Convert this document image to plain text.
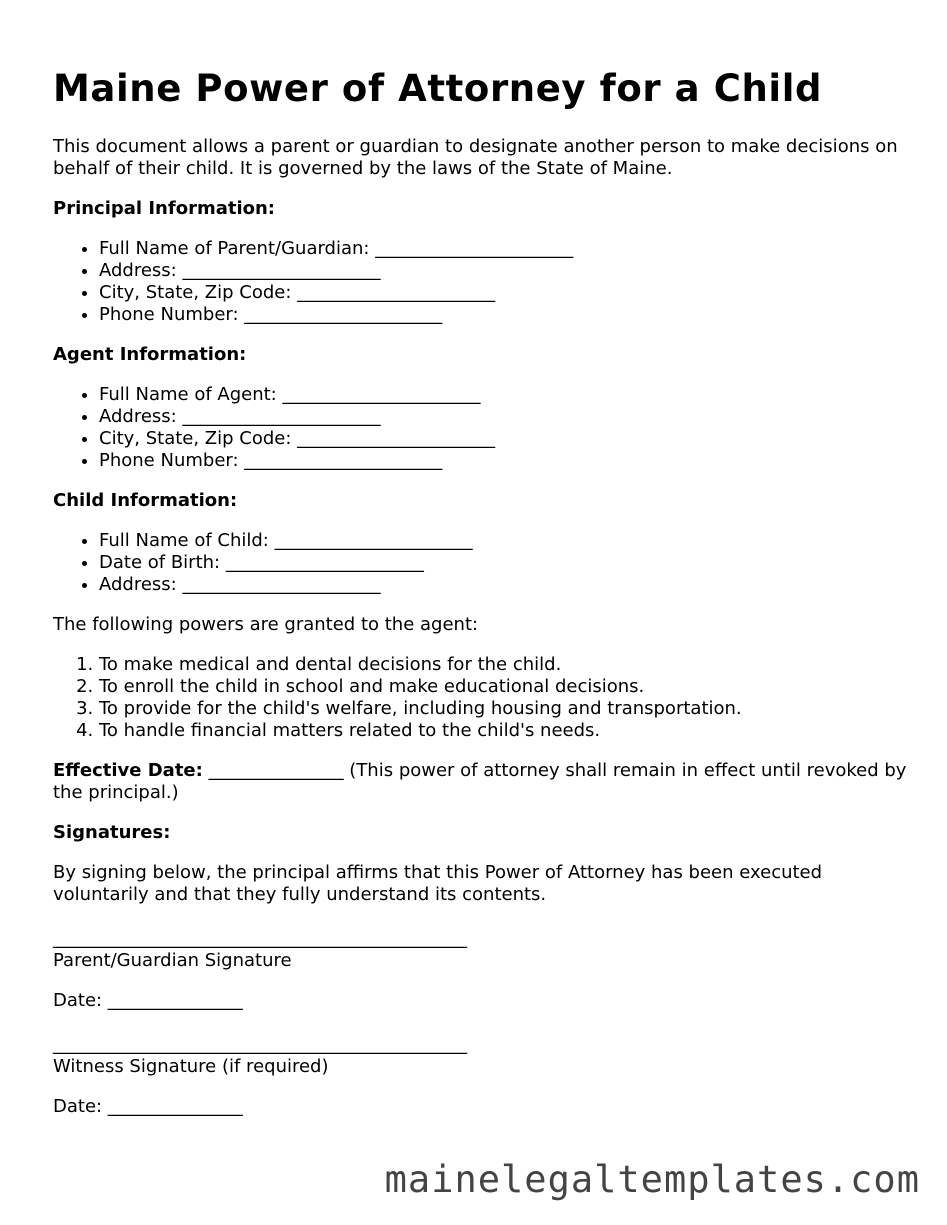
Maine Power of Attorney for a Child

This document allows a parent or guardian to designate another person to make decisions on behalf of their child. It is governed by the laws of the State of Maine.

Principal Information:

• Full Name of Parent/Guardian: ______________________
• Address: ______________________
• City, State, Zip Code: ______________________
• Phone Number: ______________________

Agent Information:

• Full Name of Agent: ______________________
• Address: ______________________
• City, State, Zip Code: ______________________
• Phone Number: ______________________

Child Information:

• Full Name of Child: ______________________
• Date of Birth: ______________________
• Address: ______________________

The following powers are granted to the agent:

1. To make medical and dental decisions for the child.
2. To enroll the child in school and make educational decisions.
3. To provide for the child's welfare, including housing and transportation.
4. To handle financial matters related to the child's needs.

Effective Date: _______________ (This power of attorney shall remain in effect until revoked by the principal.)

Signatures:

By signing below, the principal affirms that this Power of Attorney has been executed voluntarily and that they fully understand its contents.

______________________________________________

Parent/Guardian Signature

Date: _______________

______________________________________________

Witness Signature (if required)

Date: _______________

mainelegaltemplates.com
